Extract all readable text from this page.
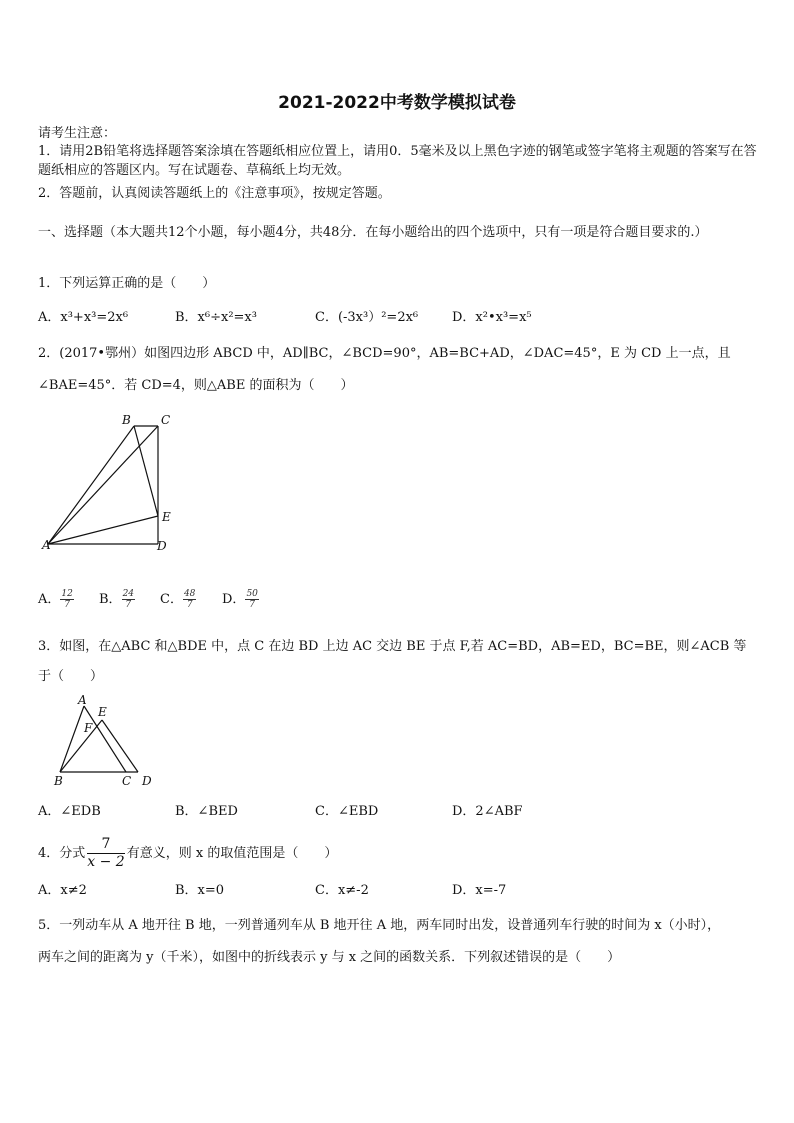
2021-2022中考数学模拟试卷
请考生注意：
1．请用2B铅笔将选择题答案涂填在答题纸相应位置上，请用0．5毫米及以上黑色字迹的钢笔或签字笔将主观题的答案写在答题纸相应的答题区内。写在试题卷、草稿纸上均无效。
2．答题前，认真阅读答题纸上的《注意事项》，按规定答题。
一、选择题（本大题共12个小题，每小题4分，共48分．在每小题给出的四个选项中，只有一项是符合题目要求的.）
1．下列运算正确的是（　　）
A．x³+x³=2x⁶	B．x⁶÷x²=x³	C．(-3x³）²=2x⁶	D．x²•x³=x⁵
2．(2017•鄂州）如图四边形 ABCD 中，AD∥BC，∠BCD=90°，AB=BC+AD，∠DAC=45°，E 为 CD 上一点，且
∠BAE=45°．若 CD=4，则△ABE 的面积为（　　）
B	C
E
A	D
A． $\frac{12}{7}$ B． $\frac{24}{7}$ C． $\frac{48}{7}$ D． $\frac{50}{7}$
3．如图，在△ABC 和△BDE 中，点 C 在边 BD 上边 AC 交边 BE 于点 F,若 AC=BD，AB=ED，BC=BE，则∠ACB 等
于（　　）
A
E
F
B	C D
A．∠EDB	B．∠BED	C．∠EBD	D．2∠ABF
4．分式 $\frac{7}{x - 2}$ 有意义，则 x 的取值范围是（　　）
A．x≠2	B．x=0	C．x≠-2	D．x=-7
5．一列动车从 A 地开往 B 地，一列普通列车从 B 地开往 A 地，两车同时出发，设普通列车行驶的时间为 x（小时），
两车之间的距离为 y（千米），如图中的折线表示 y 与 x 之间的函数关系．下列叙述错误的是（　　）
